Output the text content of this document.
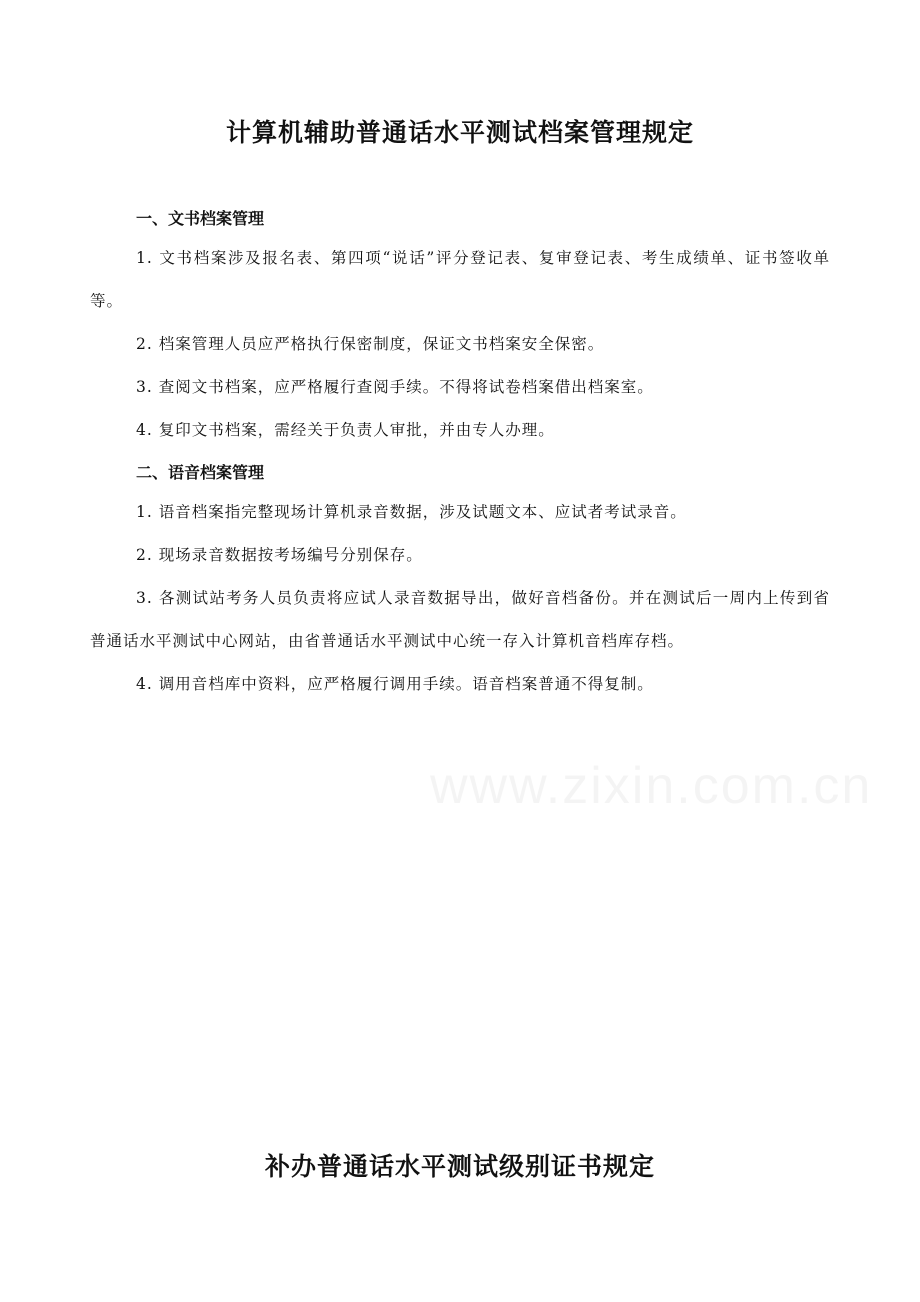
计算机辅助普通话水平测试档案管理规定
一、文书档案管理

1. 文书档案涉及报名表、第四项“说话”评分登记表、复审登记表、考生成绩单、证书签收单等。

2. 档案管理人员应严格执行保密制度，保证文书档案安全保密。

3. 查阅文书档案，应严格履行查阅手续。不得将试卷档案借出档案室。

4. 复印文书档案，需经关于负责人审批，并由专人办理。

二、语音档案管理

1. 语音档案指完整现场计算机录音数据，涉及试题文本、应试者考试录音。

2. 现场录音数据按考场编号分别保存。

3. 各测试站考务人员负责将应试人录音数据导出，做好音档备份。并在测试后一周内上传到省普通话水平测试中心网站，由省普通话水平测试中心统一存入计算机音档库存档。

4. 调用音档库中资料，应严格履行调用手续。语音档案普通不得复制。

补办普通话水平测试级别证书规定
